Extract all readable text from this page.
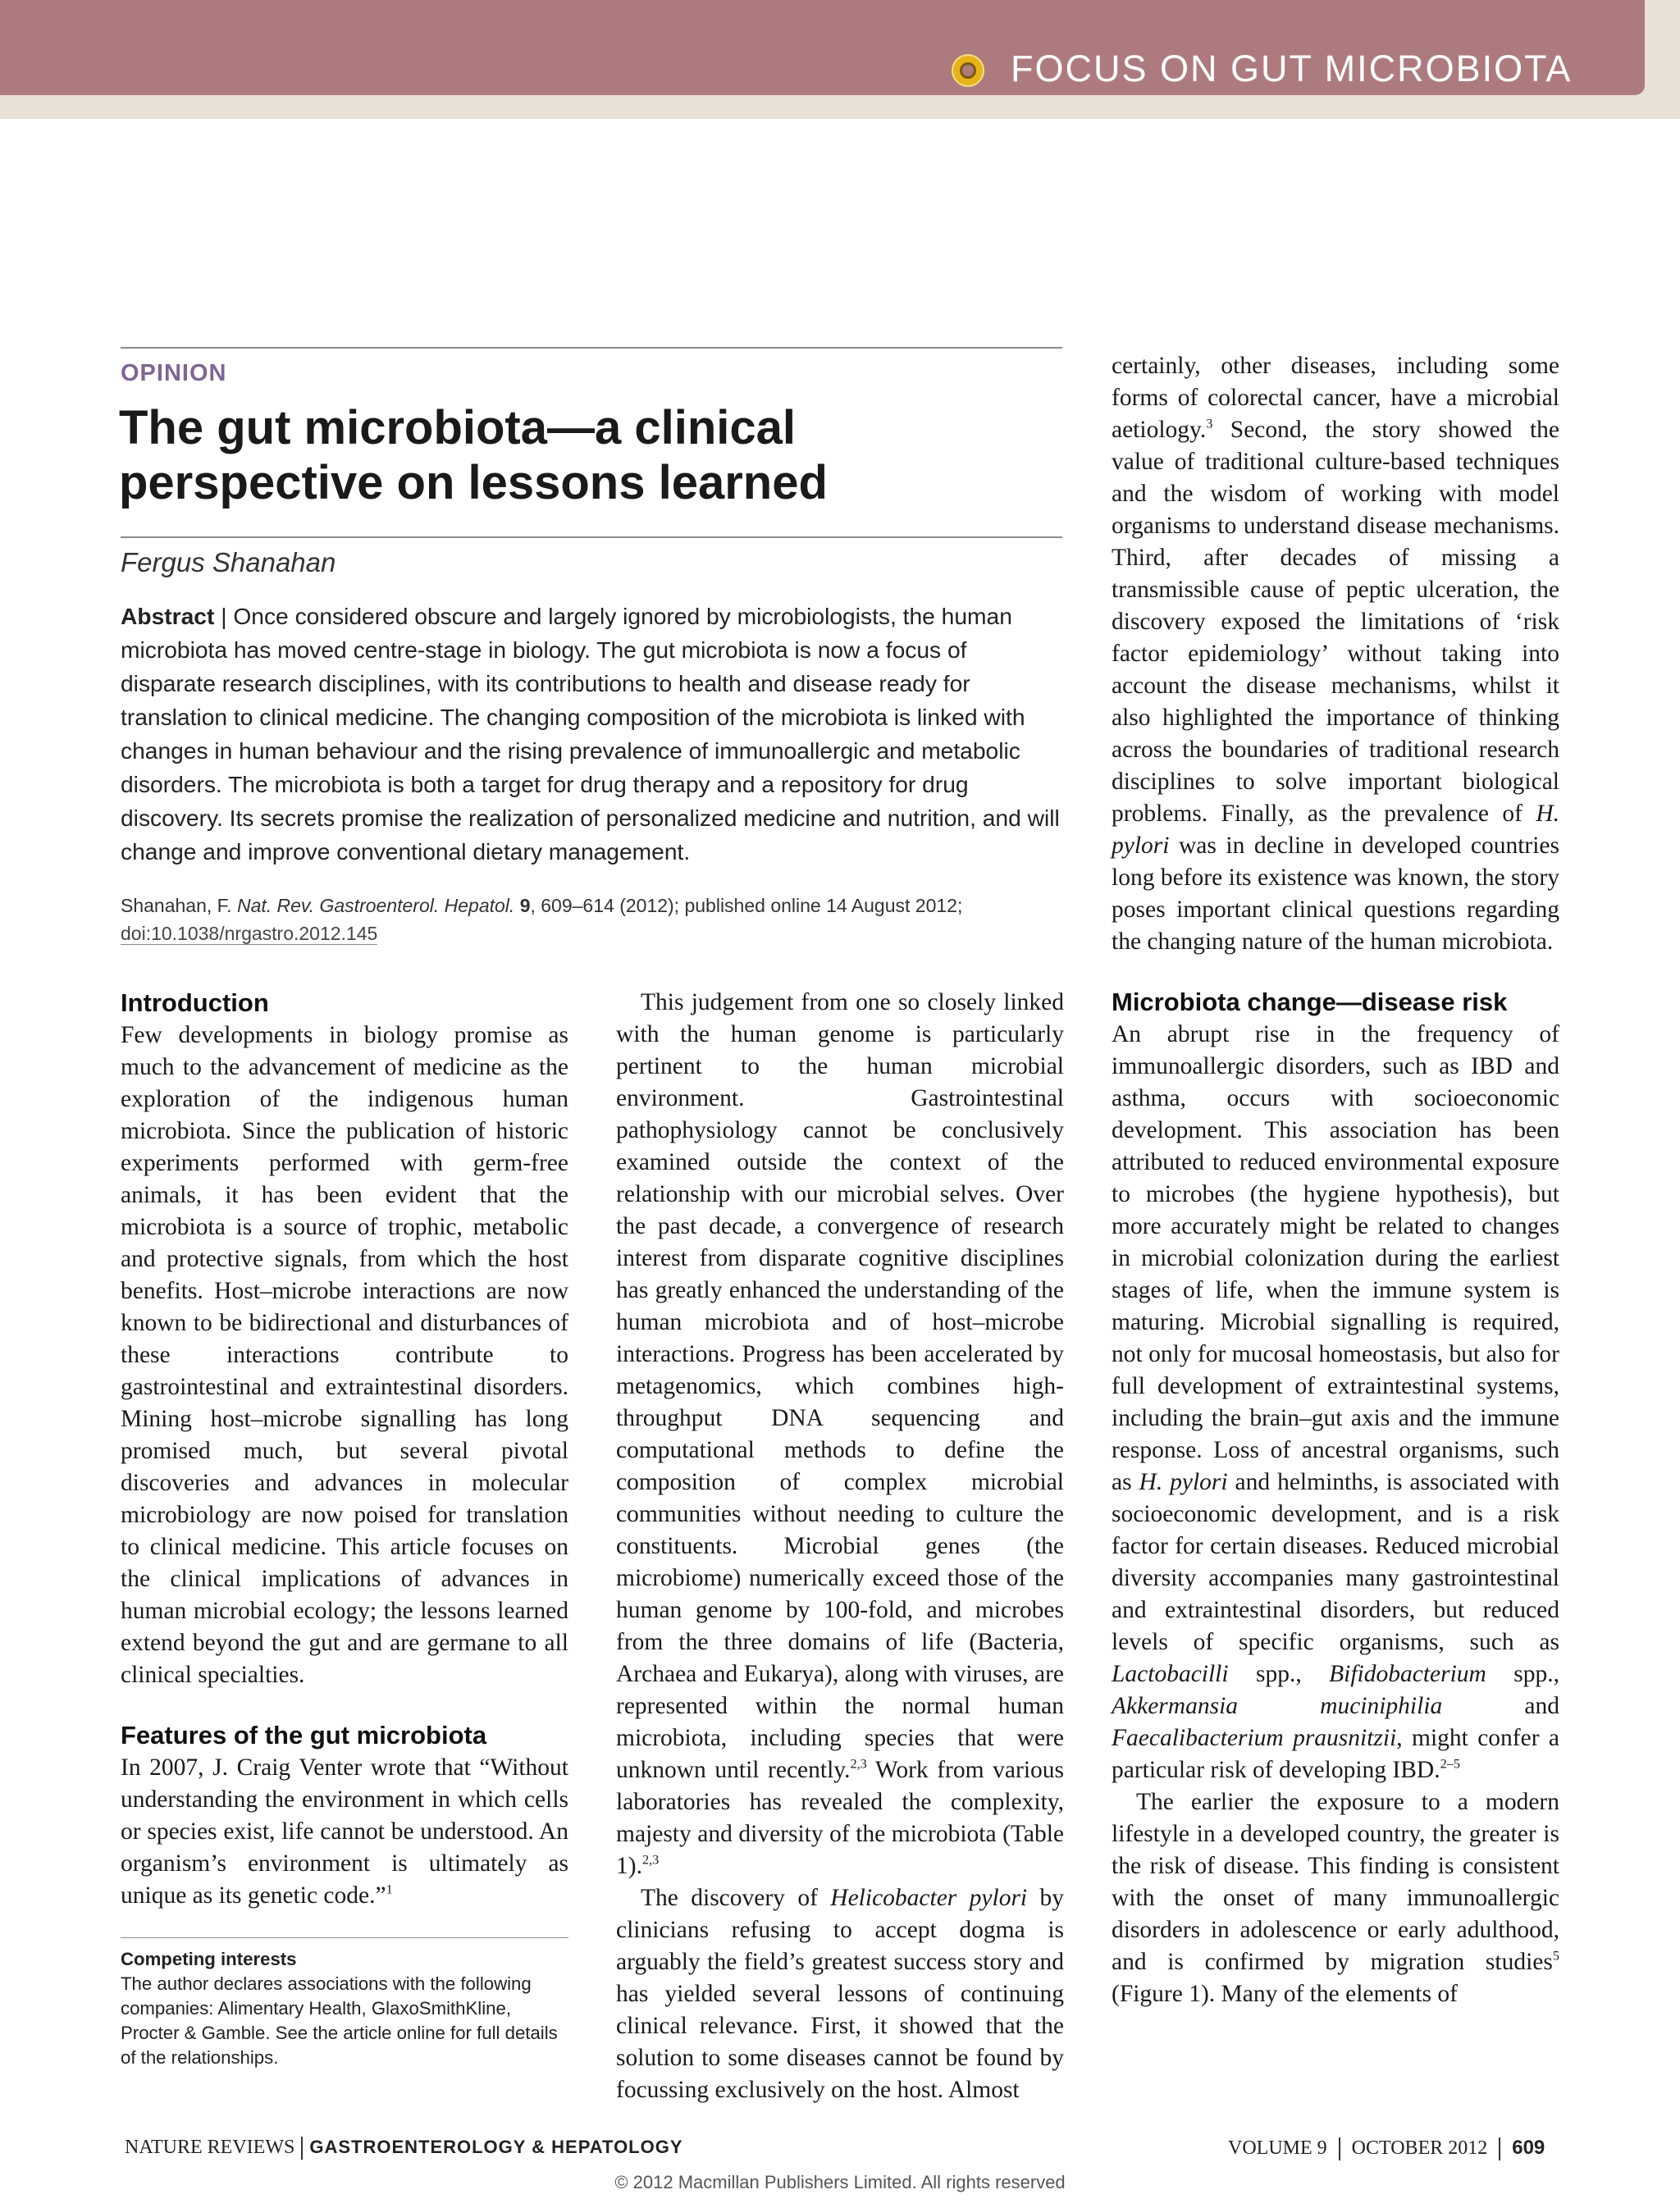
FOCUS ON GUT MICROBIOTA
OPINION
The gut microbiota—a clinical perspective on lessons learned
Fergus Shanahan

Abstract | Once considered obscure and largely ignored by microbiologists, the human microbiota has moved centre-stage in biology. The gut microbiota is now a focus of disparate research disciplines, with its contributions to health and disease ready for translation to clinical medicine. The changing composition of the microbiota is linked with changes in human behaviour and the rising prevalence of immunoallergic and metabolic disorders. The microbiota is both a target for drug therapy and a repository for drug discovery. Its secrets promise the realization of personalized medicine and nutrition, and will change and improve conventional dietary management.

Shanahan, F. Nat. Rev. Gastroenterol. Hepatol. 9, 609–614 (2012); published online 14 August 2012;
doi:10.1038/nrgastro.2012.145

Introduction

Few developments in biology promise as much to the advancement of medicine as the exploration of the indigenous human microbiota. Since the publication of historic experiments performed with germ-free animals, it has been evident that the microbiota is a source of trophic, metabolic and protective signals, from which the host benefits. Host–microbe interactions are now known to be bidirectional and disturbances of these interactions contribute to gastrointestinal and extraintestinal disorders. Mining host–microbe signalling has long promised much, but several pivotal discoveries and advances in molecular microbiology are now poised for translation to clinical medicine. This article focuses on the clinical implications of advances in human microbial ecology; the lessons learned extend beyond the gut and are germane to all clinical specialties.

Features of the gut microbiota

In 2007, J. Craig Venter wrote that “Without understanding the environment in which cells or species exist, life cannot be understood. An organism’s environment is ultimately as unique as its genetic code.”$^1$

Competing interests
The author declares associations with the following companies: Alimentary Health, GlaxoSmithKline, Procter & Gamble. See the article online for full details of the relationships.

This judgement from one so closely linked with the human genome is particularly pertinent to the human microbial environment. Gastrointestinal pathophysiology cannot be conclusively examined outside the context of the relationship with our microbial selves. Over the past decade, a convergence of research interest from disparate cognitive disciplines has greatly enhanced the understanding of the human microbiota and of host–microbe interactions. Progress has been accelerated by metagenomics, which combines high-throughput DNA sequencing and computational methods to define the composition of complex microbial communities without needing to culture the constituents. Microbial genes (the microbiome) numerically exceed those of the human genome by 100-fold, and microbes from the three domains of life (Bacteria, Archaea and Eukarya), along with viruses, are represented within the normal human microbiota, including species that were unknown until recently.$^{2,3}$ Work from various laboratories has revealed the complexity, majesty and diversity of the microbiota (Table 1).$^{2,3}$

The discovery of Helicobacter pylori by clinicians refusing to accept dogma is arguably the field’s greatest success story and has yielded several lessons of continuing clinical relevance. First, it showed that the solution to some diseases cannot be found by focussing exclusively on the host. Almost

certainly, other diseases, including some forms of colorectal cancer, have a microbial aetiology.$^3$ Second, the story showed the value of traditional culture-based techniques and the wisdom of working with model organisms to understand disease mechanisms. Third, after decades of missing a transmissible cause of peptic ulceration, the discovery exposed the limitations of ‘risk factor epidemiology’ without taking into account the disease mechanisms, whilst it also highlighted the importance of thinking across the boundaries of traditional research disciplines to solve important biological problems. Finally, as the prevalence of H. pylori was in decline in developed countries long before its existence was known, the story poses important clinical questions regarding the changing nature of the human microbiota.

Microbiota change—disease risk

An abrupt rise in the frequency of immunoallergic disorders, such as IBD and asthma, occurs with socioeconomic development. This association has been attributed to reduced environmental exposure to microbes (the hygiene hypothesis), but more accurately might be related to changes in microbial colonization during the earliest stages of life, when the immune system is maturing. Microbial signalling is required, not only for mucosal homeostasis, but also for full development of extraintestinal systems, including the brain–gut axis and the immune response. Loss of ancestral organisms, such as H. pylori and helminths, is associated with socioeconomic development, and is a risk factor for certain diseases. Reduced microbial diversity accompanies many gastrointestinal and extraintestinal disorders, but reduced levels of specific organisms, such as Lactobacilli spp., Bifidobacterium spp., Akkermansia muciniphilia and Faecalibacterium prausnitzii, might confer a particular risk of developing IBD.$^{2-5}$

The earlier the exposure to a modern lifestyle in a developed country, the greater is the risk of disease. This finding is consistent with the onset of many immunoallergic disorders in adolescence or early adulthood, and is confirmed by migration studies$^5$ (Figure 1). Many of the elements of

NATURE REVIEWS GASTROENTEROLOGY & HEPATOLOGY	VOLUME 9 OCTOBER 2012 609
© 2012 Macmillan Publishers Limited. All rights reserved
